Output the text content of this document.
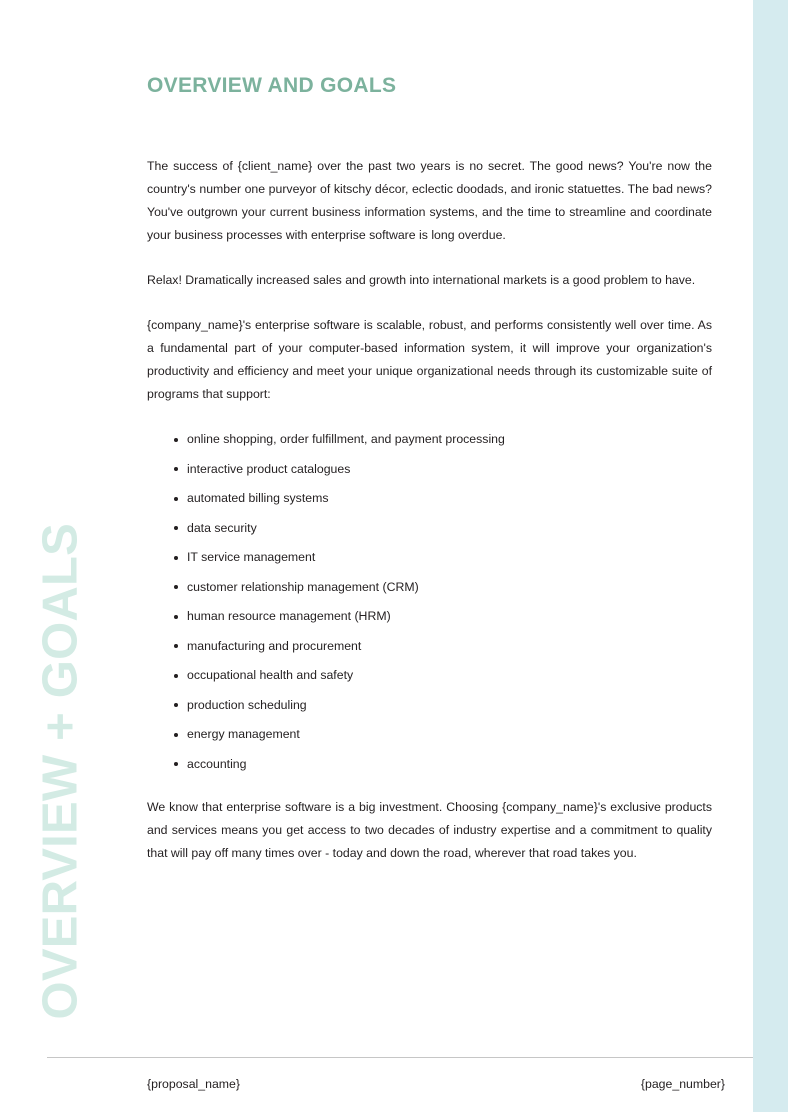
OVERVIEW + GOALS
OVERVIEW AND GOALS

The success of {client_name} over the past two years is no secret. The good news? You're now the country's number one purveyor of kitschy décor, eclectic doodads, and ironic statuettes. The bad news? You've outgrown your current business information systems, and the time to streamline and coordinate your business processes with enterprise software is long overdue.

Relax! Dramatically increased sales and growth into international markets is a good problem to have.

{company_name}'s enterprise software is scalable, robust, and performs consistently well over time. As a fundamental part of your computer-based information system, it will improve your organization's productivity and efficiency and meet your unique organizational needs through its customizable suite of programs that support:

online shopping, order fulfillment, and payment processing
interactive product catalogues
automated billing systems
data security
IT service management
customer relationship management (CRM)
human resource management (HRM)
manufacturing and procurement
occupational health and safety
production scheduling
energy management
accounting

We know that enterprise software is a big investment. Choosing {company_name}'s exclusive products and services means you get access to two decades of industry expertise and a commitment to quality that will pay off many times over - today and down the road, wherever that road takes you.

{proposal_name}	{page_number}
